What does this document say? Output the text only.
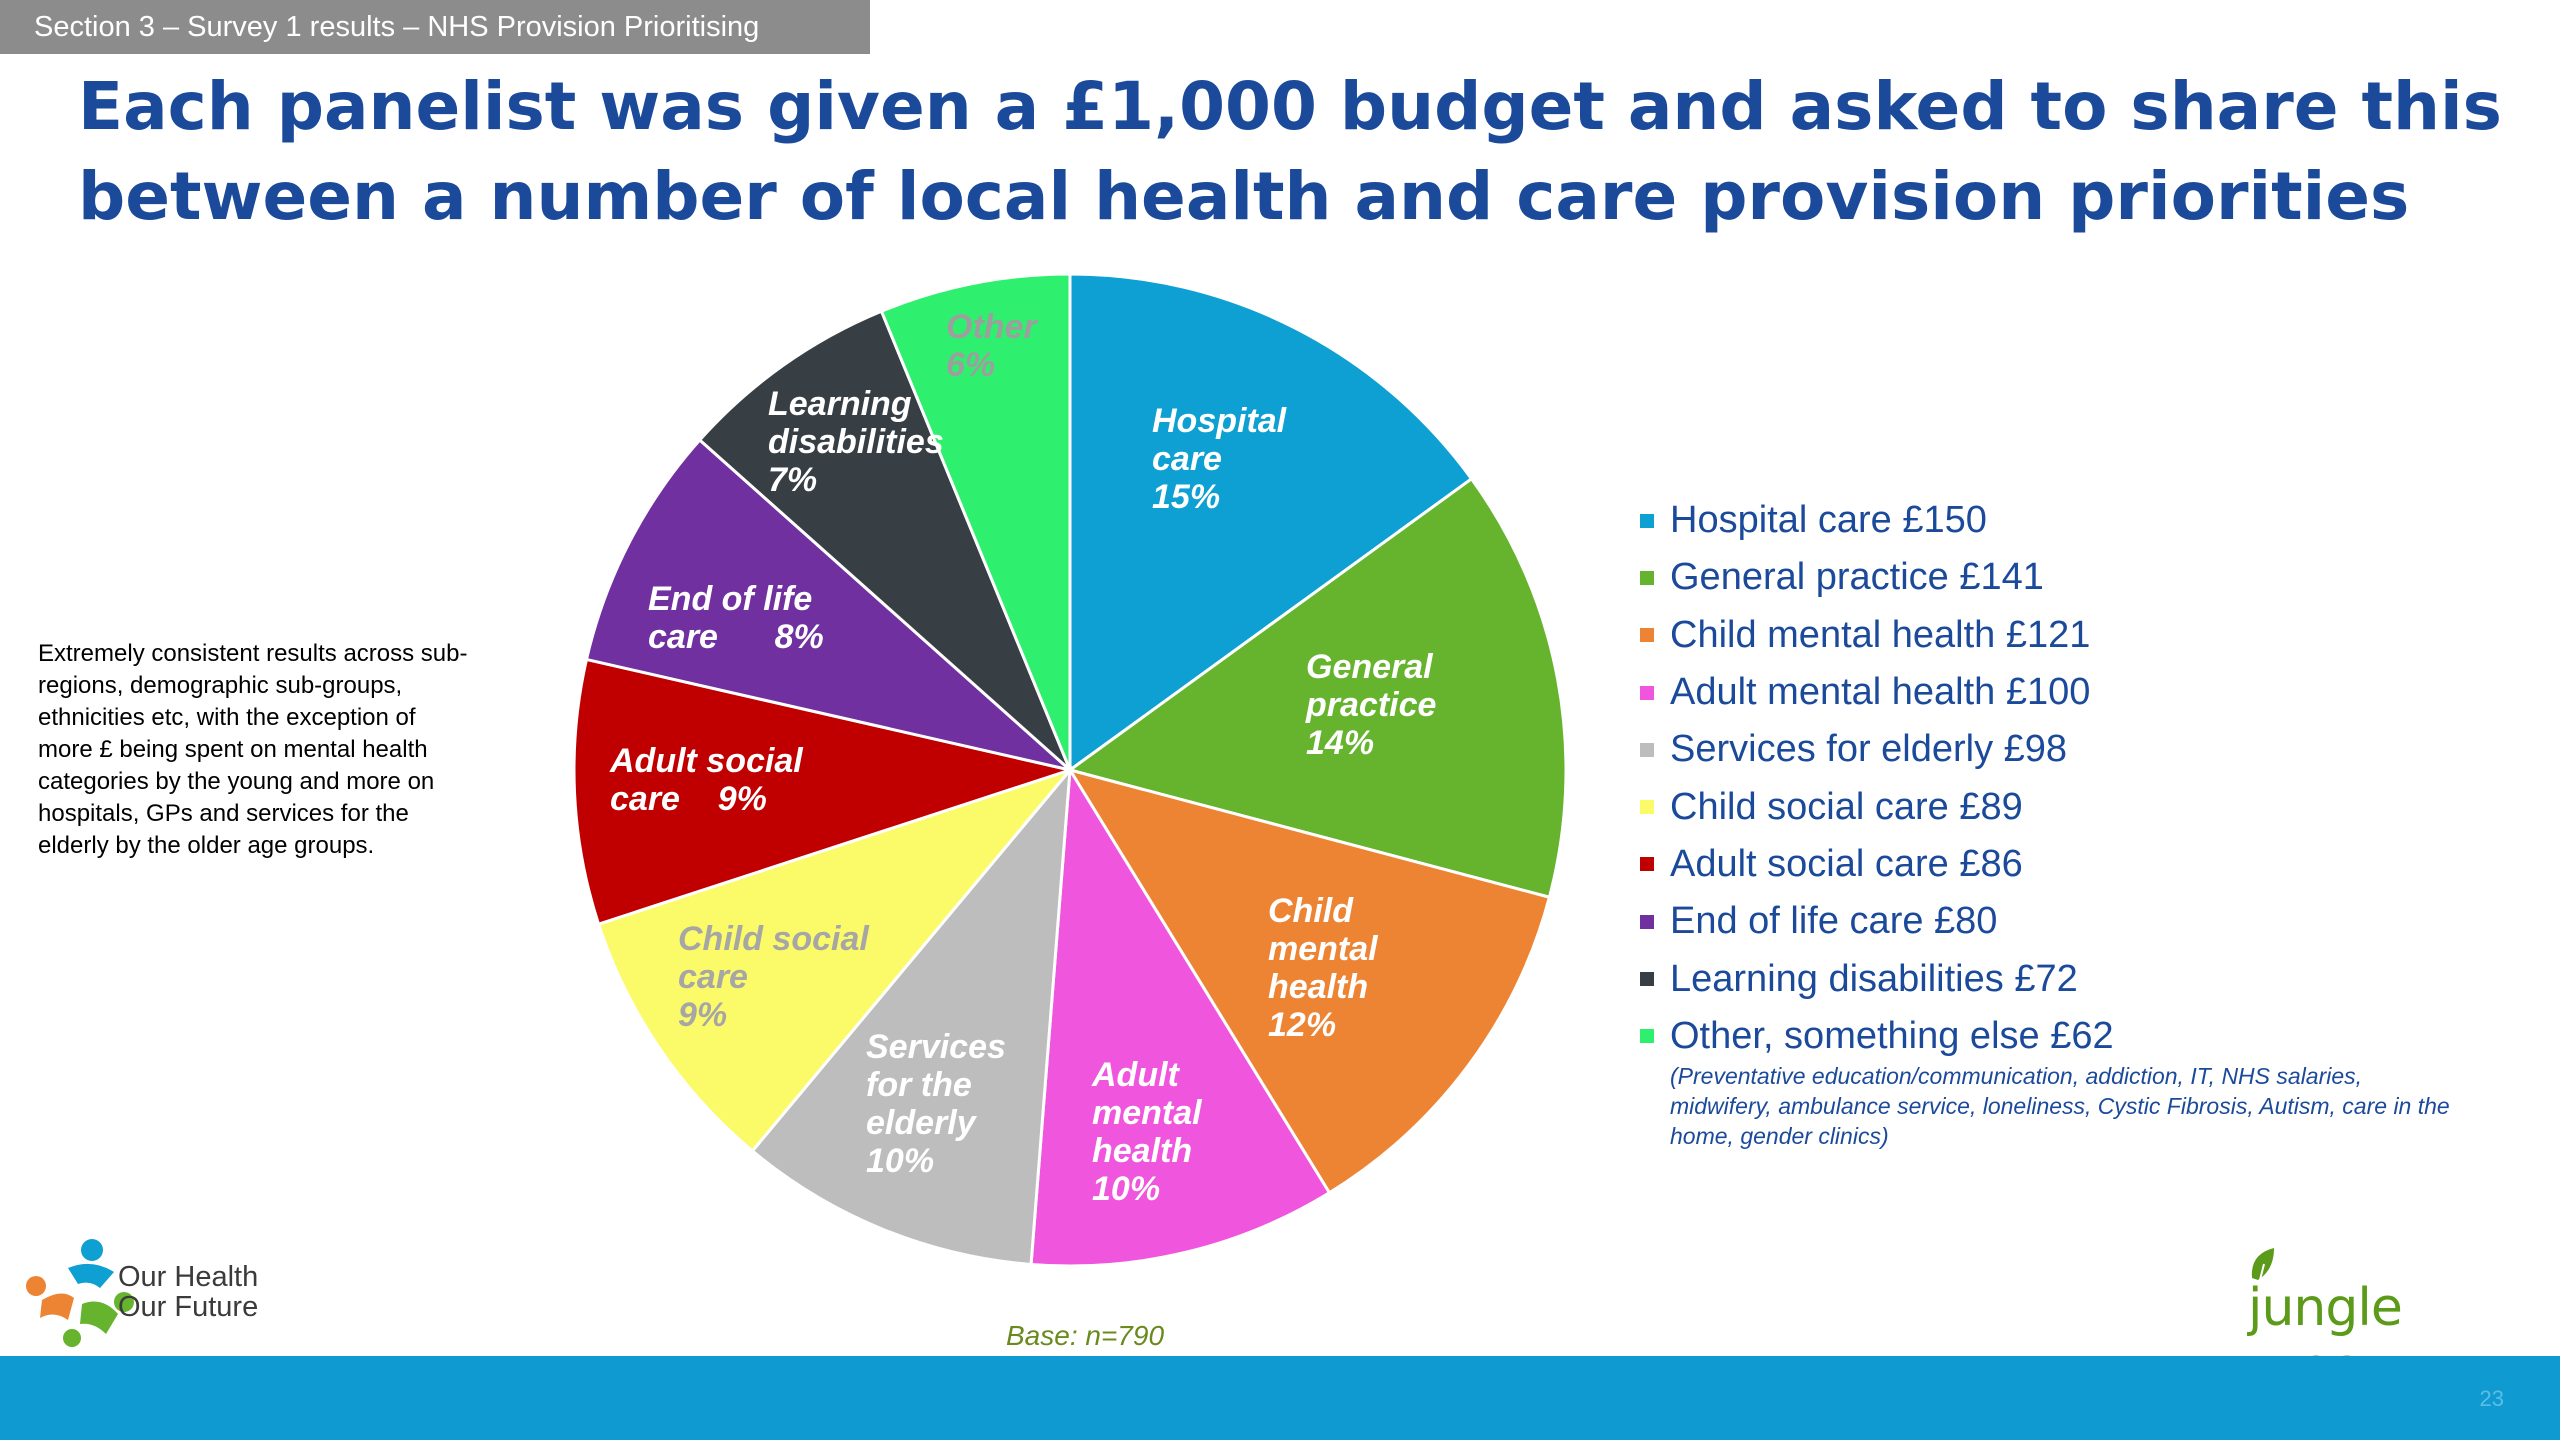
Section 3 – Survey 1 results – NHS Provision Prioritising
Each panelist was given a £1,000 budget and asked to share this between a number of local health and care provision priorities
Extremely consistent results across sub-regions, demographic sub-groups, ethnicities etc, with the exception of more £ being spent on mental health categories by the young and more on hospitals, GPs and services for the elderly by the older age groups.
Hospital care 15%
General practice 14%
Child mental health 12%
Adult mental health 10%
Services for the elderly 10%
Child social care 9%
Adult social care    9%
End of life care      8%
Learning disabilities 7%
Other 6%
Hospital care £150
General practice £141
Child mental health £121
Adult mental health £100
Services for elderly £98
Child social care £89
Adult social care £86
End of life care £80
Learning disabilities £72
Other, something else £62
(Preventative education/communication, addiction, IT, NHS salaries, midwifery, ambulance service, loneliness, Cystic Fibrosis, Autism, care in the home, gender clinics)
Base: n=790
Our Health
Our Future	jungle
23
